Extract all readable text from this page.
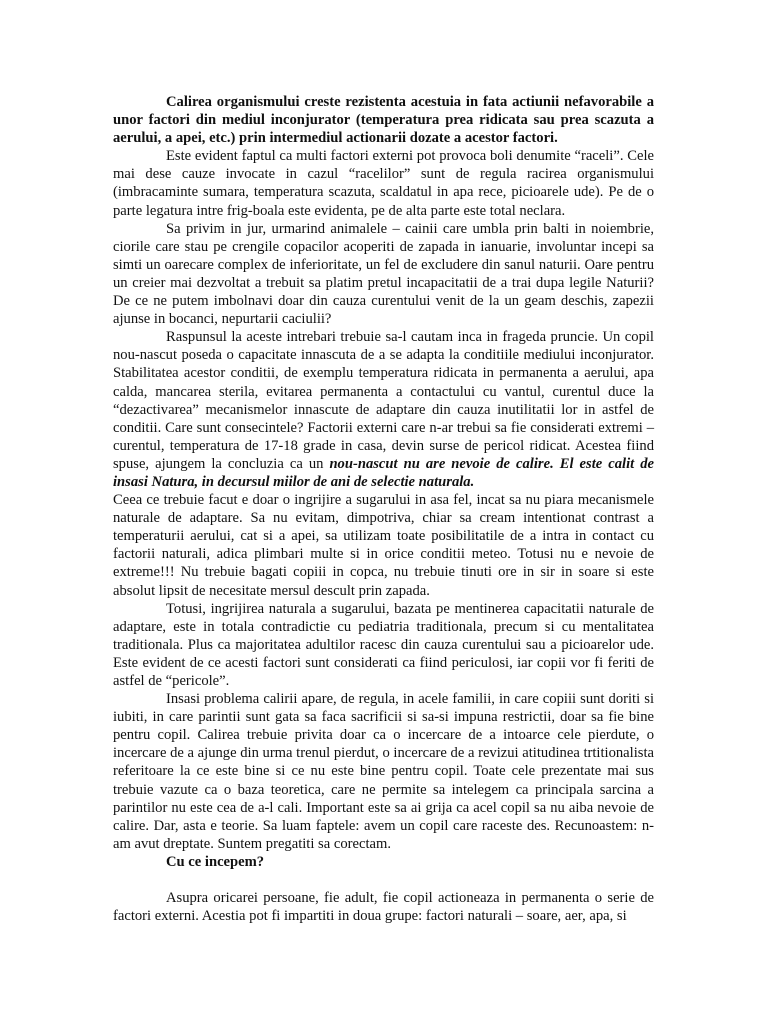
Calirea organismului creste rezistenta acestuia in fata actiunii nefavorabile a unor factori din mediul inconjurator (temperatura prea ridicata sau prea scazuta a aerului, a apei, etc.) prin intermediul actionarii dozate a acestor factori.

Este evident faptul ca multi factori externi pot provoca boli denumite “raceli”. Cele mai dese cauze invocate in cazul “racelilor” sunt de regula racirea organismului (imbracaminte sumara, temperatura scazuta, scaldatul in apa rece, picioarele ude). Pe de o parte legatura intre frig-boala este evidenta, pe de alta parte este total neclara.

Sa privim in jur, urmarind animalele – cainii care umbla prin balti in noiembrie, ciorile care stau pe crengile copacilor acoperiti de zapada in ianuarie, involuntar incepi sa simti un oarecare complex de inferioritate, un fel de excludere din sanul naturii. Oare pentru un creier mai dezvoltat a trebuit sa platim pretul incapacitatii de a trai dupa legile Naturii? De ce ne putem imbolnavi doar din cauza curentului venit de la un geam deschis, zapezii ajunse in bocanci, nepurtarii caciulii?

Raspunsul la aceste intrebari trebuie sa-l cautam inca in frageda pruncie. Un copil nou-nascut poseda o capacitate innascuta de a se adapta la conditiile mediului inconjurator. Stabilitatea acestor conditii, de exemplu temperatura ridicata in permanenta a aerului, apa calda, mancarea sterila, evitarea permanenta a contactului cu vantul, curentul duce la “dezactivarea” mecanismelor innascute de adaptare din cauza inutilitatii lor in astfel de conditii. Care sunt consecintele? Factorii externi care n-ar trebui sa fie considerati extremi – curentul, temperatura de 17-18 grade in casa, devin surse de pericol ridicat. Acestea fiind spuse, ajungem la concluzia ca un nou-nascut nu are nevoie de calire. El este calit de insasi Natura, in decursul miilor de ani de selectie naturala.

Ceea ce trebuie facut e doar o ingrijire a sugarului in asa fel, incat sa nu piara mecanismele naturale de adaptare. Sa nu evitam, dimpotriva, chiar sa cream intentionat contrast a temperaturii aerului, cat si a apei, sa utilizam toate posibilitatile de a intra in contact cu factorii naturali, adica plimbari multe si in orice conditii meteo. Totusi nu e nevoie de extreme!!! Nu trebuie bagati copiii in copca, nu trebuie tinuti ore in sir in soare si este absolut lipsit de necesitate mersul descult prin zapada.

Totusi, ingrijirea naturala a sugarului, bazata pe mentinerea capacitatii naturale de adaptare, este in totala contradictie cu pediatria traditionala, precum si cu mentalitatea traditionala. Plus ca majoritatea adultilor racesc din cauza curentului sau a picioarelor ude. Este evident de ce acesti factori sunt considerati ca fiind periculosi, iar copii vor fi feriti de astfel de “pericole”.

Insasi problema calirii apare, de regula, in acele familii, in care copiii sunt doriti si iubiti, in care parintii sunt gata sa faca sacrificii si sa-si impuna restrictii, doar sa fie bine pentru copil. Calirea trebuie privita doar ca o incercare de a intoarce cele pierdute, o incercare de a ajunge din urma trenul pierdut, o incercare de a revizui atitudinea trtitionalista referitoare la ce este bine si ce nu este bine pentru copil. Toate cele prezentate mai sus trebuie vazute ca o baza teoretica, care ne permite sa intelegem ca principala sarcina a parintilor nu este cea de a-l cali. Important este sa ai grija ca acel copil sa nu aiba nevoie de calire. Dar, asta e teorie. Sa luam faptele: avem un copil care raceste des. Recunoastem: n-am avut dreptate. Suntem pregatiti sa corectam.

Cu ce incepem?

Asupra oricarei persoane, fie adult, fie copil actioneaza in permanenta o serie de factori externi. Acestia pot fi impartiti in doua grupe: factori naturali – soare, aer, apa, si
